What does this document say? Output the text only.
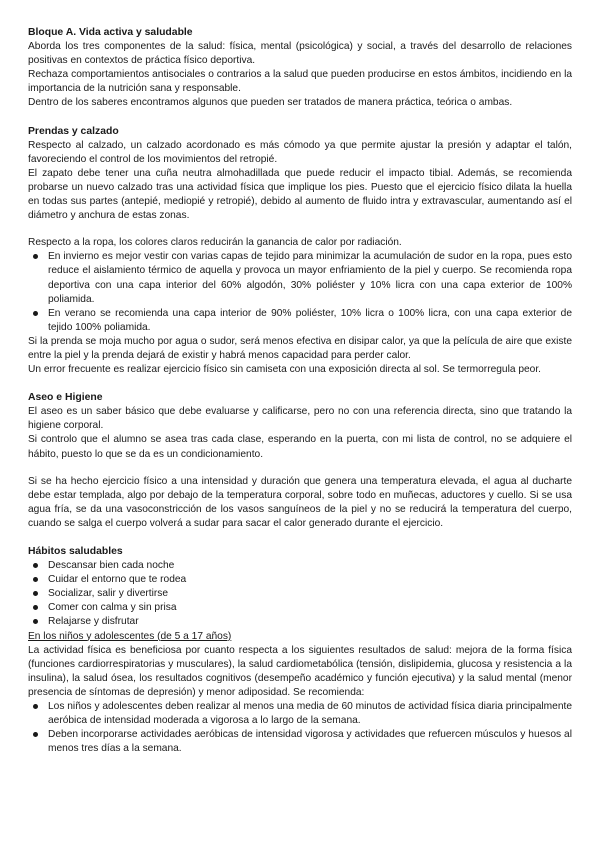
Bloque A. Vida activa y saludable

Aborda los tres componentes de la salud: física, mental (psicológica) y social, a través del desarrollo de relaciones positivas en contextos de práctica físico deportiva.

Rechaza comportamientos antisociales o contrarios a la salud que pueden producirse en estos ámbitos, incidiendo en la importancia de la nutrición sana y responsable.

Dentro de los saberes encontramos algunos que pueden ser tratados de manera práctica, teórica o ambas.

Prendas y calzado

Respecto al calzado, un calzado acordonado es más cómodo ya que permite ajustar la presión y adaptar el talón, favoreciendo el control de los movimientos del retropié.

El zapato debe tener una cuña neutra almohadillada que puede reducir el impacto tibial. Además, se recomienda probarse un nuevo calzado tras una actividad física que implique los pies. Puesto que el ejercicio físico dilata la huella en todas sus partes (antepié, mediopié y retropié), debido al aumento de fluido intra y extravascular, aumentando así el diámetro y anchura de estas zonas.

Respecto a la ropa, los colores claros reducirán la ganancia de calor por radiación.

En invierno es mejor vestir con varias capas de tejido para minimizar la acumulación de sudor en la ropa, pues esto reduce el aislamiento térmico de aquella y provoca un mayor enfriamiento de la piel y cuerpo. Se recomienda ropa deportiva con una capa interior del 60% algodón, 30% poliéster y 10% licra con una capa exterior de 100% poliamida.
En verano se recomienda una capa interior de 90% poliéster, 10% licra o 100% licra, con una capa exterior de tejido 100% poliamida.

Si la prenda se moja mucho por agua o sudor, será menos efectiva en disipar calor, ya que la película de aire que existe entre la piel y la prenda dejará de existir y habrá menos capacidad para perder calor.

Un error frecuente es realizar ejercicio físico sin camiseta con una exposición directa al sol. Se termorregula peor.

Aseo e Higiene

El aseo es un saber básico que debe evaluarse y calificarse, pero no con una referencia directa, sino que tratando la higiene corporal.

Si controlo que el alumno se asea tras cada clase, esperando en la puerta, con mi lista de control, no se adquiere el hábito, puesto lo que se da es un condicionamiento.

Si se ha hecho ejercicio físico a una intensidad y duración que genera una temperatura elevada, el agua al ducharte debe estar templada, algo por debajo de la temperatura corporal, sobre todo en muñecas, aductores y cuello. Si se usa agua fría, se da una vasoconstricción de los vasos sanguíneos de la piel y no se reducirá la temperatura del cuerpo, cuando se salga el cuerpo volverá a sudar para sacar el calor generado durante el ejercicio.

Hábitos saludables
Descansar bien cada noche
Cuidar el entorno que te rodea
Socializar, salir y divertirse
Comer con calma y sin prisa
Relajarse y disfrutar

En los niños y adolescentes (de 5 a 17 años)

La actividad física es beneficiosa por cuanto respecta a los siguientes resultados de salud: mejora de la forma física (funciones cardiorrespiratorias y musculares), la salud cardiometabólica (tensión, dislipidemia, glucosa y resistencia a la insulina), la salud ósea, los resultados cognitivos (desempeño académico y función ejecutiva) y la salud mental (menor presencia de síntomas de depresión) y menor adiposidad. Se recomienda:

Los niños y adolescentes deben realizar al menos una media de 60 minutos de actividad física diaria principalmente aeróbica de intensidad moderada a vigorosa a lo largo de la semana.
Deben incorporarse actividades aeróbicas de intensidad vigorosa y actividades que refuercen músculos y huesos al menos tres días a la semana.
